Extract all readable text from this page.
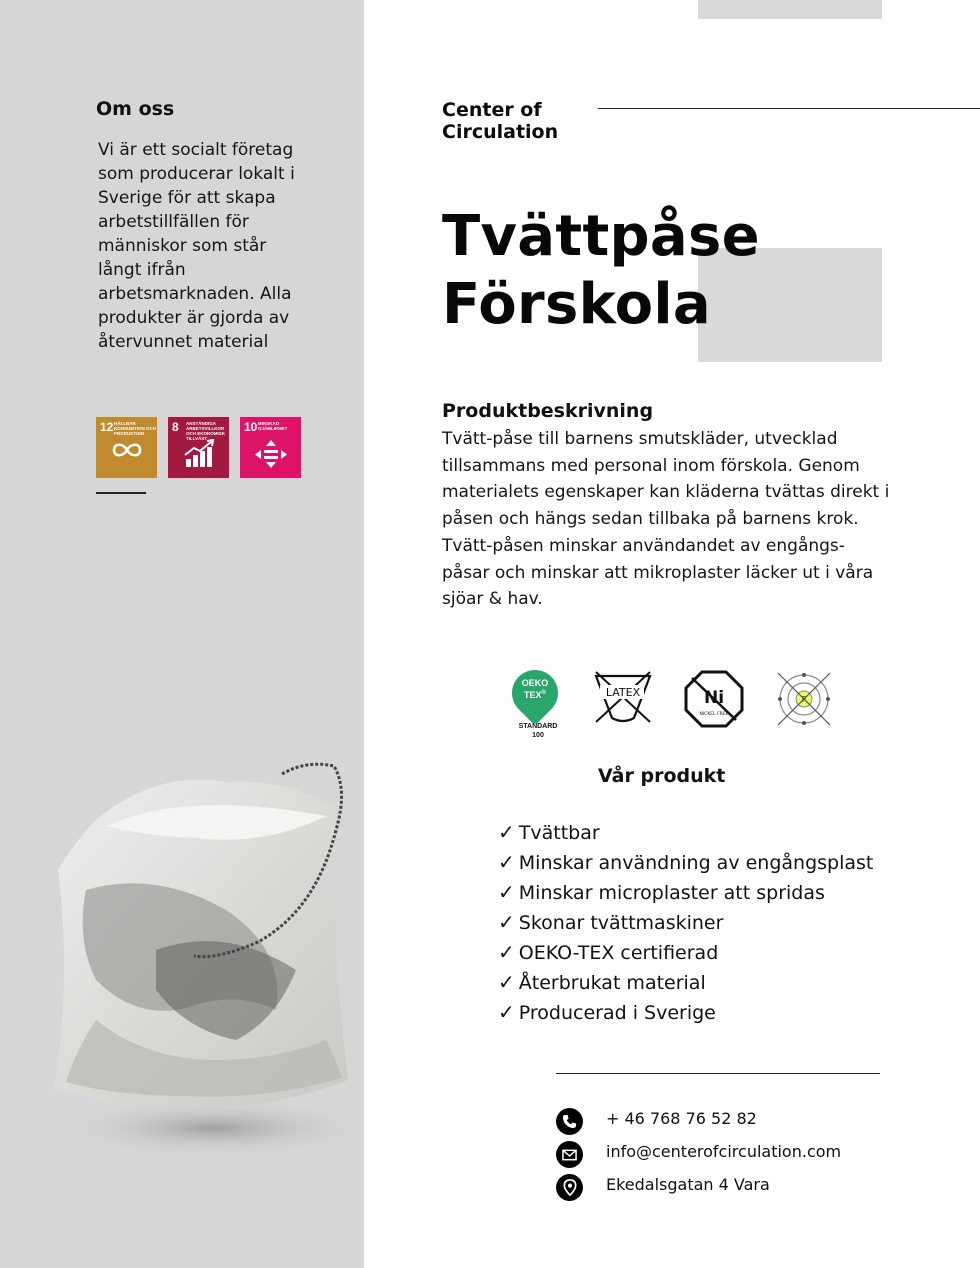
Om oss
Vi är ett socialt företag som producerar lokalt i Sverige för att skapa arbetstillfällen för människor som står långt ifrån arbetsmarknaden. Alla produkter är gjorda av återvunnet material
12 HÅLLBAR KONSUMTION OCH PRODUKTION	8 ANSTÄNDIGA ARBETSVILLKOR OCH EKONOMISK TILLVÄXT
10 MINSKAD OJÄMLIKHET
Center of
Circulation
Tvättpåse
Förskola
Produktbeskrivning
Tvätt-påse till barnens smutskläder, utvecklad tillsammans med personal inom förskola. Genom materialets egenskaper kan kläderna tvättas direkt i påsen och hängs sedan tillbaka på barnens krok. Tvätt-påsen minskar användandet av engångs-påsar och minskar att mikroplaster läcker ut i våra sjöar & hav.
OEKO
TEX®
STANDARD
100
LATEX	Ni
NICKEL FREE
F
Vår produkt
✓ Tvättbar
✓ Minskar användning av engångsplast
✓ Minskar microplaster att spridas
✓ Skonar tvättmaskiner
✓ OEKO-TEX certifierad
✓ Återbrukat material
✓ Producerad i Sverige
+ 46 768 76 52 82
info@centerofcirculation.com
Ekedalsgatan 4 Vara
